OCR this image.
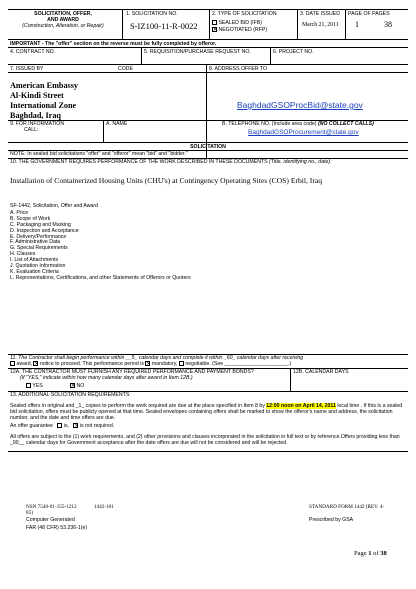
SOLICITATION, OFFER,
AND AWARD
(Construction, Alteration, or Repair)
1. SOLICITATION NO.
S-IZ100-11-R-0022
2. TYPE OF SOLICITATION
SEALED BID (IFB)
✕ NEGOTIATED (RFP)
3. DATE ISSUED
March 21, 2011
PAGE OF PAGES
1	38
IMPORTANT - The "offer" section on the reverse must be fully completed by offeror.
4. CONTRACT NO.	5. REQUISITION/PURCHASE REQUEST NO.	6. PROJECT NO.
7. ISSUED BY	CODE	8. ADDRESS OFFER TO
American Embassy
Al-Kindi Street
International Zone
Baghdad, Iraq
BaghdadGSOProcBid@state.gov
9. FOR INFORMATION
CALL:
A. NAME	B. TELEPHONE NO. (Include area code) (NO COLLECT CALLS)
BaghdadGSOProcurement@state.gov
SOLICITATION
NOTE: In sealed bid solicitations "offer" and "offeror" mean "bid" and "bidder."
10. THE GOVERNMENT REQUIRES PERFORMANCE OF THE WORK DESCRIBED IN THESE DOCUMENTS (Title, identifying no., date):
Installation of Containerized Housing Units (CHU's) at Contingency Operating Sites (COS) Erbil, Iraq
SF-1442, Solicitation, Offer and Award
A. Price
B. Scope of Work
C. Packaging and Marking
D. Inspection and Acceptance
E. Delivery/Performance
F. Administrative Data
G. Special Requirements
H. Clauses
I. List of Attachments
J. Quotation Information
K. Evaluation Criteria
L. Representations, Certifications, and other Statements of Offerors or Quoters
11. The Contractor shall begin performance within __5_ calendar days and complete it within _60_ calendar days after receiving
award, ✕ notice to proceed. This performance period is ✕ mandatory, negotiable. (See ______________________.)
12A. THE CONTRACTOR MUST FURNISH ANY REQUIRED PERFORMANCE AND PAYMENT BONDS?
(If "YES," indicate within how many calendar days after award in Item 12B.)
YES	✕ NO
12B. CALENDAR DAYS
13. ADDITIONAL SOLICITATION REQUIREMENTS:
Sealed offers in original and _1_ copies to perform the work required are due at the place specified in Item 8 by 12:00 noon on April 14, 2011 local time . If this is a sealed bid solicitation, offers must be publicly opened at that time. Sealed envelopes containing offers shall be marked to show the offeror's name and address, the solicitation number, and the date and time offers are due.
An offer guarantee is, ✕ is not required.
All offers are subject to the (1) work requirements, and (2) other provisions and clauses incorporated in the solicitation in full text or by reference.Offers providing less than _90__ calendar days for Government acceptance after the date offers are due will not be considered and will be rejected.
NSN 7540-01-155-1212	1442-101
85)
Computer Generated
FAR (48 CFR) 53.236-1(e)
STANDARD FORM 1442 (REV. 4-
Prescribed by GSA
Page 1 of 38
